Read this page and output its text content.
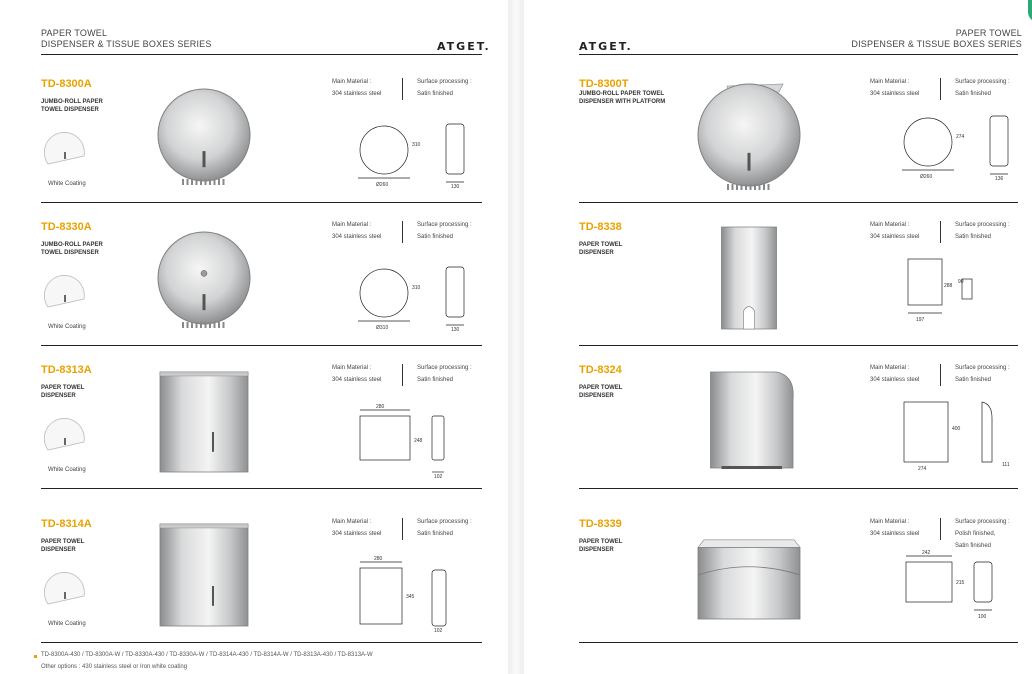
PAPER TOWEL
DISPENSER & TISSUE BOXES SERIES	ATGET.
TD-8300A
JUMBO-ROLL PAPER
TOWEL DISPENSER
White Coating
Main Material :
304 stainless steel
Surface processing :
Satin finished
Ø260
310
130
TD-8330A
JUMBO-ROLL PAPER
TOWEL DISPENSER
White Coating
Main Material :
304 stainless steel
Surface processing :
Satin finished
Ø310
310
130
TD-8313A
PAPER TOWEL
DISPENSER
White Coating
Main Material :
304 stainless steel
Surface processing :
Satin finished
280
248
102
TD-8314A
PAPER TOWEL
DISPENSER
White Coating
Main Material :
304 stainless steel
Surface processing :
Satin finished
280
345
102
TD-8300A-430 / TD-8300A-W / TD-8330A-430 / TD-8330A-W / TD-8314A-430 / TD-8314A-W / TD-8313A-430 / TD-8313A-W
Other options : 430 stainless steel or Iron white coating
ATGET.
PAPER TOWEL
DISPENSER & TISSUE BOXES SERIES
TD-8300T
JUMBO-ROLL PAPER TOWEL
DISPENSER WITH PLATFORM
Main Material :
304 stainless steel
Surface processing :
Satin finished
Ø260
274
136
TD-8338
PAPER TOWEL
DISPENSER
Main Material :
304 stainless steel
Surface processing :
Satin finished
197
288
90
TD-8324
PAPER TOWEL
DISPENSER
Main Material :
304 stainless steel
Surface processing :
Satin finished
274
400
111
TD-8339
PAPER TOWEL
DISPENSER
Main Material :
304 stainless steel
Surface processing :
Polish finished,
Satin finished
242
215
100
